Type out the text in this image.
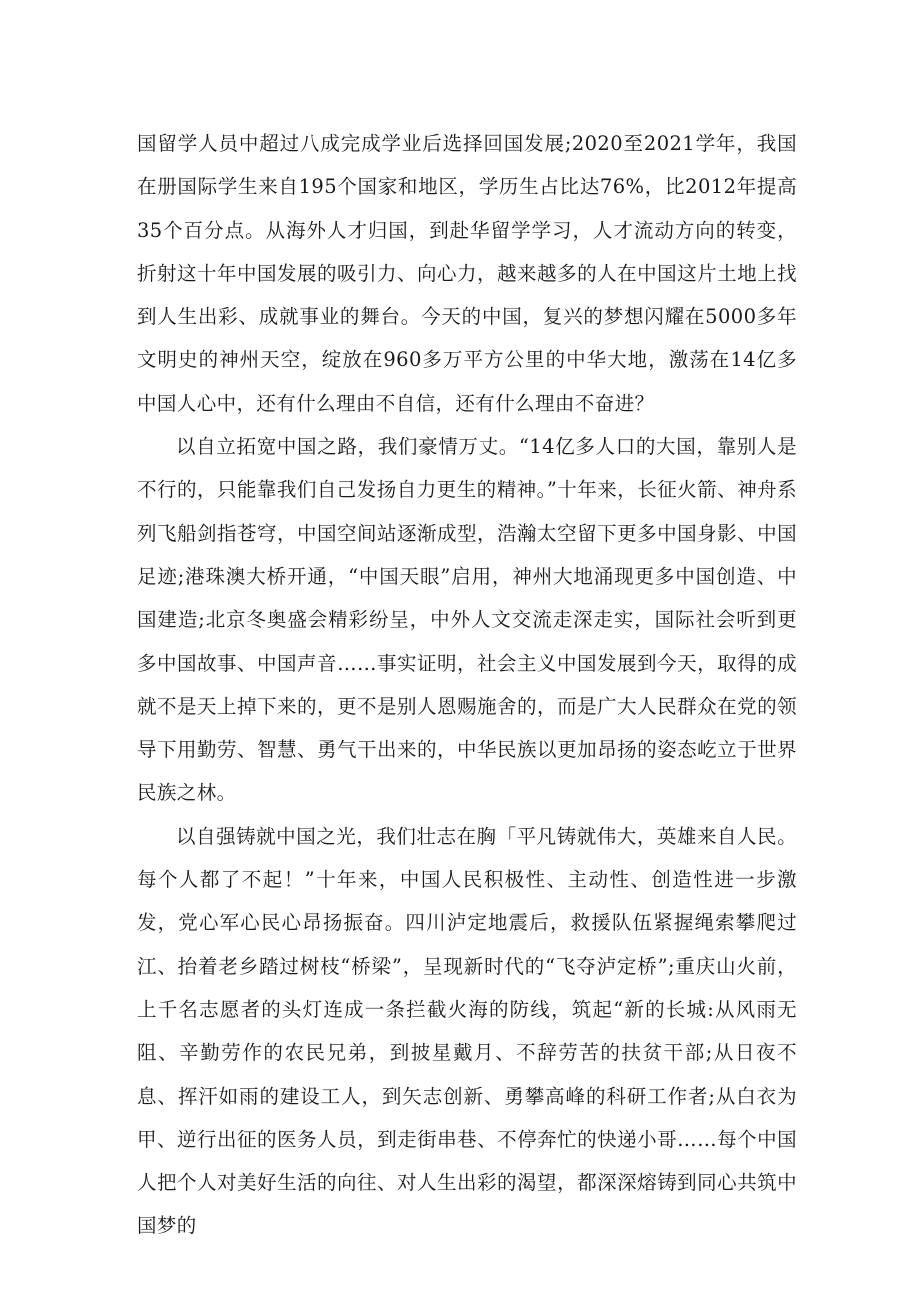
国留学人员中超过八成完成学业后选择回国发展;2020至2021学年，我国在册国际学生来自195个国家和地区，学历生占比达76%，比2012年提高35个百分点。从海外人才归国，到赴华留学学习，人才流动方向的转变，折射这十年中国发展的吸引力、向心力，越来越多的人在中国这片土地上找到人生出彩、成就事业的舞台。今天的中国，复兴的梦想闪耀在5000多年文明史的神州天空，绽放在960多万平方公里的中华大地，激荡在14亿多中国人心中，还有什么理由不自信，还有什么理由不奋进？

以自立拓宽中国之路，我们豪情万丈。“14亿多人口的大国，靠别人是不行的，只能靠我们自己发扬自力更生的精神。”十年来，长征火箭、神舟系列飞船剑指苍穹，中国空间站逐渐成型，浩瀚太空留下更多中国身影、中国足迹;港珠澳大桥开通，“中国天眼”启用，神州大地涌现更多中国创造、中国建造;北京冬奥盛会精彩纷呈，中外人文交流走深走实，国际社会听到更多中国故事、中国声音……事实证明，社会主义中国发展到今天，取得的成就不是天上掉下来的，更不是别人恩赐施舍的，而是广大人民群众在党的领导下用勤劳、智慧、勇气干出来的，中华民族以更加昂扬的姿态屹立于世界民族之林。

以自强铸就中国之光，我们壮志在胸「平凡铸就伟大，英雄来自人民。每个人都了不起！”十年来，中国人民积极性、主动性、创造性进一步激发，党心军心民心昂扬振奋。四川泸定地震后，救援队伍紧握绳索攀爬过江、抬着老乡踏过树枝“桥梁”，呈现新时代的“飞夺泸定桥”;重庆山火前，上千名志愿者的头灯连成一条拦截火海的防线，筑起“新的长城:从风雨无阻、辛勤劳作的农民兄弟，到披星戴月、不辞劳苦的扶贫干部;从日夜不息、挥汗如雨的建设工人，到矢志创新、勇攀高峰的科研工作者;从白衣为甲、逆行出征的医务人员，到走街串巷、不停奔忙的快递小哥……每个中国人把个人对美好生活的向往、对人生出彩的渴望，都深深熔铸到同心共筑中国梦的
